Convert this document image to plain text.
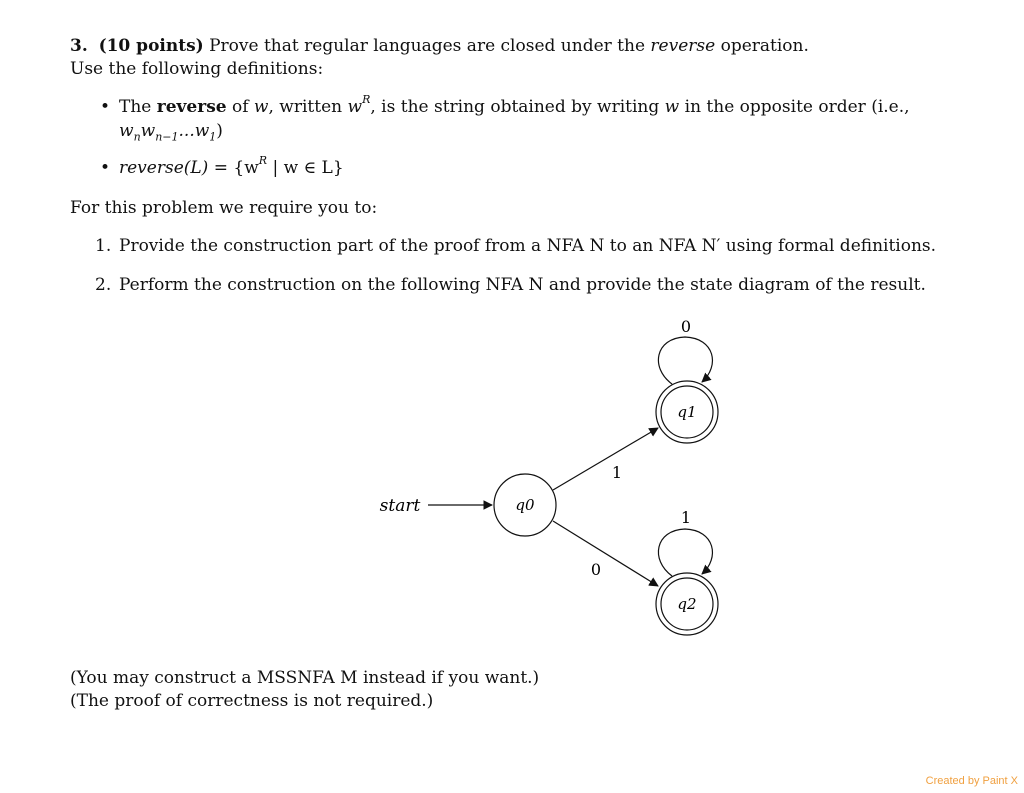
3. (10 points) Prove that regular languages are closed under the reverse operation.
Use the following definitions:
• The reverse of w, written $w^R$, is the string obtained by writing w in the opposite order (i.e.,
$w_nw_{n-1}...w_1$)
• reverse(L) = {$w^R$ | w ∈ L}
For this problem we require you to:
1. Provide the construction part of the proof from a NFA N to an NFA N′ using formal definitions.
2. Perform the construction on the following NFA N and provide the state diagram of the result.
start	q0
q1
q2
1
0
0
1
(You may construct a MSSNFA M instead if you want.)
(The proof of correctness is not required.)
Created by Paint X
